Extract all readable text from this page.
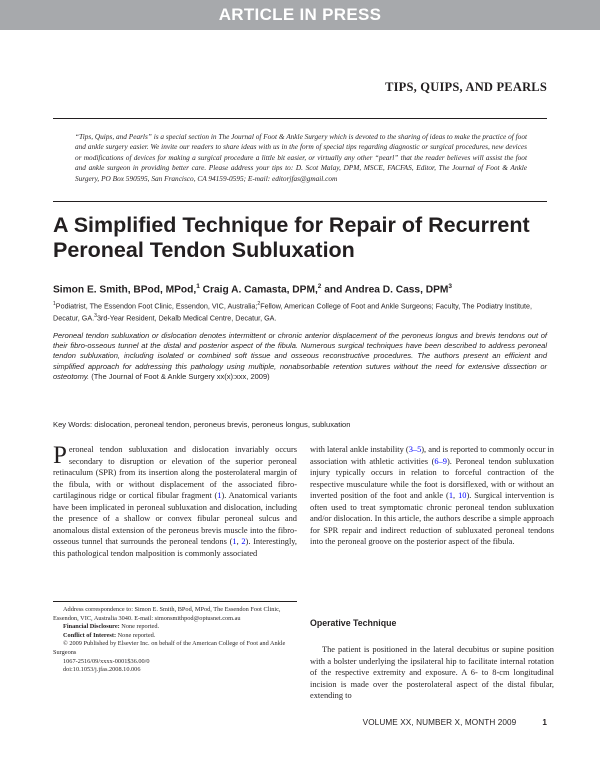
ARTICLE IN PRESS
TIPS, QUIPS, AND PEARLS

“Tips, Quips, and Pearls” is a special section in The Journal of Foot & Ankle Surgery which is devoted to the sharing of ideas to make the practice of foot and ankle surgery easier. We invite our readers to share ideas with us in the form of special tips regarding diagnostic or surgical procedures, new devices or modifications of devices for making a surgical procedure a little bit easier, or virtually any other “pearl” that the reader believes will assist the foot and ankle surgeon in providing better care. Please address your tips to: D. Scot Malay, DPM, MSCE, FACFAS, Editor, The Journal of Foot & Ankle Surgery, PO Box 590595, San Francisco, CA 94159-0595; E-mail: editorjfas@gmail.com

A Simplified Technique for Repair of Recurrent Peroneal Tendon Subluxation
Simon E. Smith, BPod, MPod,$^1$ Craig A. Camasta, DPM,$^2$ and Andrea D. Cass, DPM$^3$
$^1$Podiatrist, The Essendon Foot Clinic, Essendon, VIC, Australia;$^2$Fellow, American College of Foot and Ankle Surgeons; Faculty, The Podiatry Institute, Decatur, GA.$^3$3rd-Year Resident, Dekalb Medical Centre, Decatur, GA.

Peroneal tendon subluxation or dislocation denotes intermittent or chronic anterior displacement of the peroneus longus and brevis tendons out of their fibro-osseous tunnel at the distal and posterior aspect of the fibula. Numerous surgical techniques have been described to address peroneal tendon subluxation, including isolated or combined soft tissue and osseous reconstructive procedures. The authors present an efficient and simplified approach for addressing this pathology using multiple, nonabsorbable retention sutures without the need for extensive dissection or osteotomy. (The Journal of Foot & Ankle Surgery xx(x):xxx, 2009)

Key Words: dislocation, peroneal tendon, peroneus brevis, peroneus longus, subluxation

Peroneal tendon subluxation and dislocation invariably occurs secondary to disruption or elevation of the superior peroneal retinaculum (SPR) from its insertion along the posterolateral margin of the fibula, with or without displacement of the associated fibro-cartilaginous ridge or cortical fibular fragment (1). Anatomical variants have been implicated in peroneal subluxation and dislocation, including the presence of a shallow or convex fibular peroneal sulcus and anomalous distal extension of the peroneus brevis muscle into the fibro-osseous tunnel that surrounds the peroneal tendons (1, 2). Interestingly, this pathological tendon malposition is commonly associated
with lateral ankle instability (3–5), and is reported to commonly occur in association with athletic activities (6–9). Peroneal tendon subluxation injury typically occurs in relation to forceful contraction of the respective musculature while the foot is dorsiflexed, with or without an inverted position of the foot and ankle (1, 10). Surgical intervention is often used to treat symptomatic chronic peroneal tendon subluxation and/or dislocation. In this article, the authors describe a simple approach for SPR repair and indirect reduction of subluxated peroneal tendons into the peroneal groove on the posterior aspect of the fibula.

Address correspondence to: Simon E. Smith, BPod, MPod, The Essendon Foot Clinic, Essendon, VIC, Australia 3040. E-mail: simonsmithpod@optusnet.com.au

Financial Disclosure: None reported.

Conflict of Interest: None reported.

© 2009 Published by Elsevier Inc. on behalf of the American College of Foot and Ankle Surgeons

1067-2516/09/xxxx-0001$36.00/0

doi:10.1053/j.jfas.2008.10.006

Operative Technique

The patient is positioned in the lateral decubitus or supine position with a bolster underlying the ipsilateral hip to facilitate internal rotation of the respective extremity and exposure. A 6- to 8-cm longitudinal incision is made over the posterolateral aspect of the distal fibular, extending to

VOLUME XX, NUMBER X, MONTH 2009	1
